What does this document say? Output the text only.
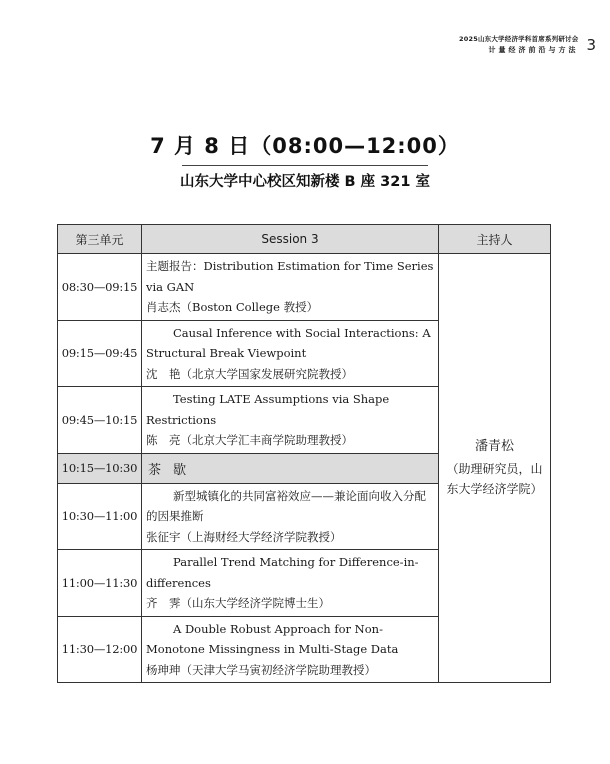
2025山东大学经济学科首席系列研讨会
计量经济前沿与方法 3
7 月 8 日（08:00—12:00）
山东大学中心校区知新楼 B 座 321 室
第三单元	Session 3	主持人
08:30—09:15	主题报告：Distribution Estimation for Time Series via GAN
肖志杰（Boston College 教授）	潘青松
（助理研究员，山东大学经济学院）

09:15—09:45	Causal Inference with Social Interactions: A Structural Break Viewpoint
沈　艳（北京大学国家发展研究院教授）	

09:45—10:15	Testing LATE Assumptions via Shape Restrictions
陈　亮（北京大学汇丰商学院助理教授）	

10:15—10:30	茶 歇	
10:30—11:00	新型城镇化的共同富裕效应——兼论面向收入分配的因果推断
张征宇（上海财经大学经济学院教授）	

11:00—11:30	Parallel Trend Matching for Difference-in-differences
齐　霁（山东大学经济学院博士生）	

11:30—12:00	A Double Robust Approach for Non-Monotone Missingness in Multi-Stage Data
杨珅珅（天津大学马寅初经济学院助理教授）	
